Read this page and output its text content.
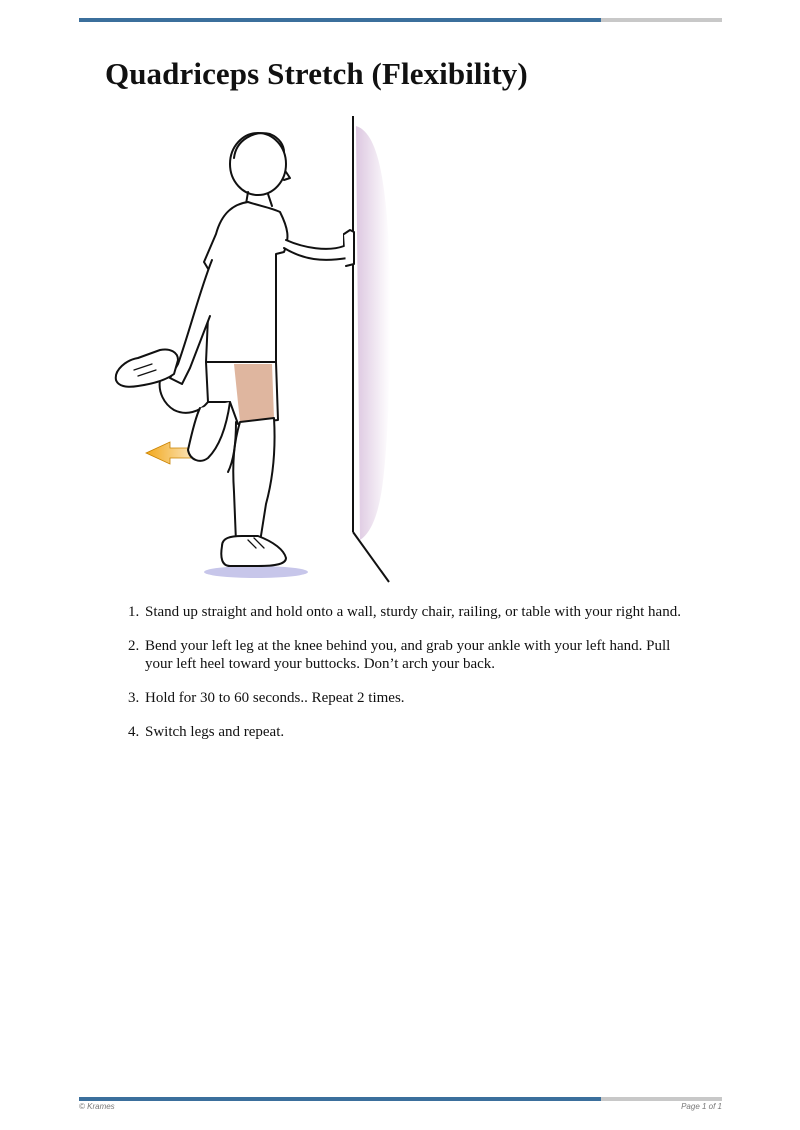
Quadriceps Stretch (Flexibility)
1. Stand up straight and hold onto a wall, sturdy chair, railing, or table with your right hand.
2. Bend your left leg at the knee behind you, and grab your ankle with your left hand. Pull your left heel toward your buttocks. Don’t arch your back.
3. Hold for 30 to 60 seconds.. Repeat 2 times.
4. Switch legs and repeat.
© Krames	Page 1 of 1
